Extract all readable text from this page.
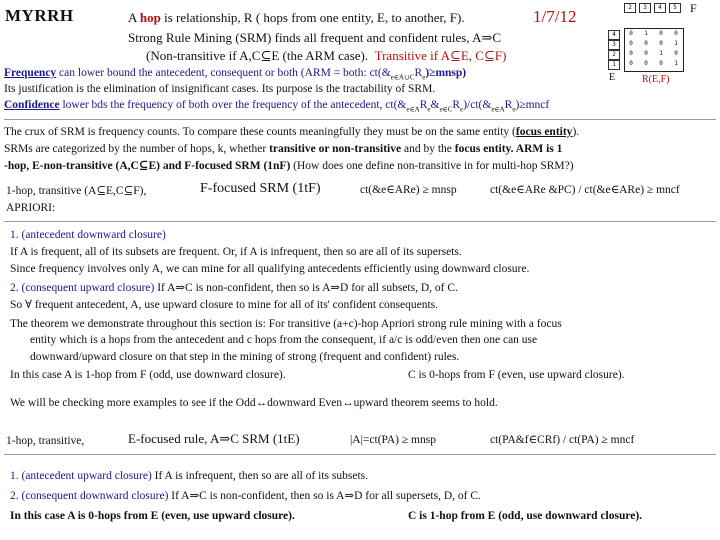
MYRRH	A hop is relationship, R ( hops from one entity, E, to another, F).	1/7/12
Strong Rule Mining (SRM) finds all frequent and confident rules, A⇒C
(Non-transitive if A,C⊆E (the ARM case). Transitive if A⊆E, C⊆F)
2	3	4	5	F
4
3
2
1
E
0	1	0	0
0	0	0	1
0	0	1	0
0	0	0	1
R(E,F)
Frequency can lower bound the antecedent, consequent or both (ARM = both: $ct(\&_{e\in A\cup C}R_e)\ge mnsp$)
Its justification is the elimination of insignificant cases. Its purpose is the tractability of SRM.
Confidence lower bds the frequency of both over the frequency of the antecedent, $ct(\&_{e\in A}R_e\&_{e\in C}R_e)/ct(\&_{e\in A}R_e)\ge mncf$
The crux of SRM is frequency counts. To compare these counts meaningfully they must be on the same entity (focus entity).
SRMs are categorized by the number of hops, k, whether transitive or non-transitive and by the focus entity. ARM is 1
-hop, E-non-transitive (A,C⊆E) and F-focused SRM (1nF) (How does one define non-transitive in for multi-hop SRM?)
1-hop, transitive (A⊆E,C⊆F),	F-focused SRM (1tF)	ct(&e∈ARe) ≥ mnsp	ct(&e∈ARe &PC) / ct(&e∈ARe) ≥ mncf
APRIORI:
1. (antecedent downward closure)
If A is frequent, all of its subsets are frequent. Or, if A is infrequent, then so are all of its supersets.
Since frequency involves only A, we can mine for all qualifying antecedents efficiently using downward closure.
2. (consequent upward closure) If A⇒C is non-confident, then so is A⇒D for all subsets, D, of C.
So ∀ frequent antecedent, A, use upward closure to mine for all of its' confident consequents.
The theorem we demonstrate throughout this section is: For transitive (a+c)-hop Apriori strong rule mining with a focus
entity which is a hops from the antecedent and c hops from the consequent, if a/c is odd/even then one can use
downward/upward closure on that step in the mining of strong (frequent and confident) rules.
In this case A is 1-hop from F (odd, use downward closure).	C is 0-hops from F (even, use upward closure).
We will be checking more examples to see if the Odd↔downward Even↔upward theorem seems to hold.
1-hop, transitive,	E-focused rule, A⇒C SRM (1tE)	|A|=ct(PA) ≥ mnsp	ct(PA&f∈CRf) / ct(PA) ≥ mncf
1. (antecedent upward closure) If A is infrequent, then so are all of its subsets.
2. (consequent downward closure) If A⇒C is non-confident, then so is A⇒D for all supersets, D, of C.
In this case A is 0-hops from E (even, use upward closure).	C is 1-hop from E (odd, use downward closure).
